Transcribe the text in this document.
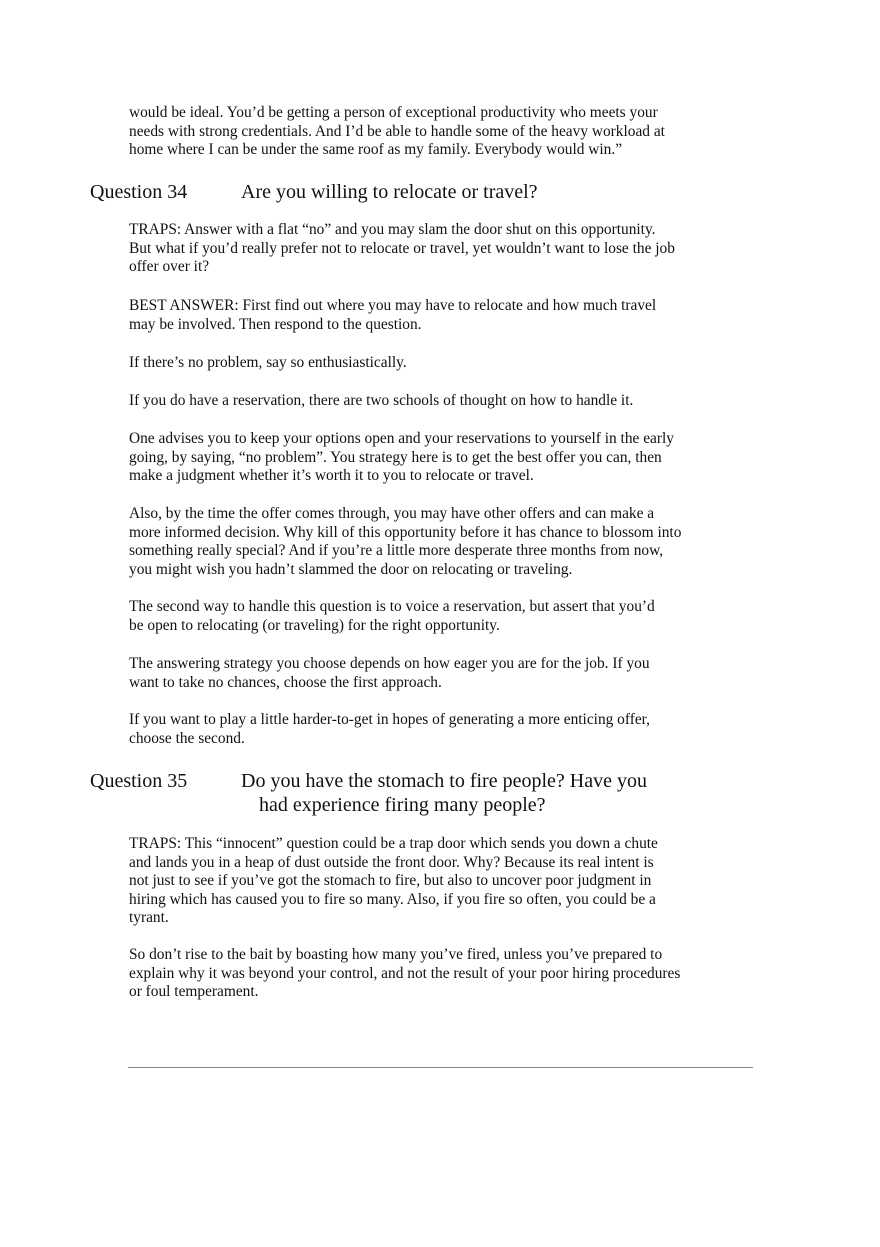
would be ideal. You’d be getting a person of exceptional productivity who meets your
needs with strong credentials. And I’d be able to handle some of the heavy workload at
home where I can be under the same roof as my family. Everybody would win.”

Question 34	Are you willing to relocate or travel?

TRAPS: Answer with a flat “no” and you may slam the door shut on this opportunity.
But what if you’d really prefer not to relocate or travel, yet wouldn’t want to lose the job
offer over it?

BEST ANSWER: First find out where you may have to relocate and how much travel
may be involved. Then respond to the question.

If there’s no problem, say so enthusiastically.

If you do have a reservation, there are two schools of thought on how to handle it.

One advises you to keep your options open and your reservations to yourself in the early
going, by saying, “no problem”. You strategy here is to get the best offer you can, then
make a judgment whether it’s worth it to you to relocate or travel.

Also, by the time the offer comes through, you may have other offers and can make a
more informed decision. Why kill of this opportunity before it has chance to blossom into
something really special? And if you’re a little more desperate three months from now,
you might wish you hadn’t slammed the door on relocating or traveling.

The second way to handle this question is to voice a reservation, but assert that you’d
be open to relocating (or traveling) for the right opportunity.

The answering strategy you choose depends on how eager you are for the job. If you
want to take no chances, choose the first approach.

If you want to play a little harder-to-get in hopes of generating a more enticing offer,
choose the second.

Question 35	Do you have the stomach to fire people? Have you
had experience firing many people?

TRAPS: This “innocent” question could be a trap door which sends you down a chute
and lands you in a heap of dust outside the front door. Why? Because its real intent is
not just to see if you’ve got the stomach to fire, but also to uncover poor judgment in
hiring which has caused you to fire so many. Also, if you fire so often, you could be a
tyrant.

So don’t rise to the bait by boasting how many you’ve fired, unless you’ve prepared to
explain why it was beyond your control, and not the result of your poor hiring procedures
or foul temperament.
